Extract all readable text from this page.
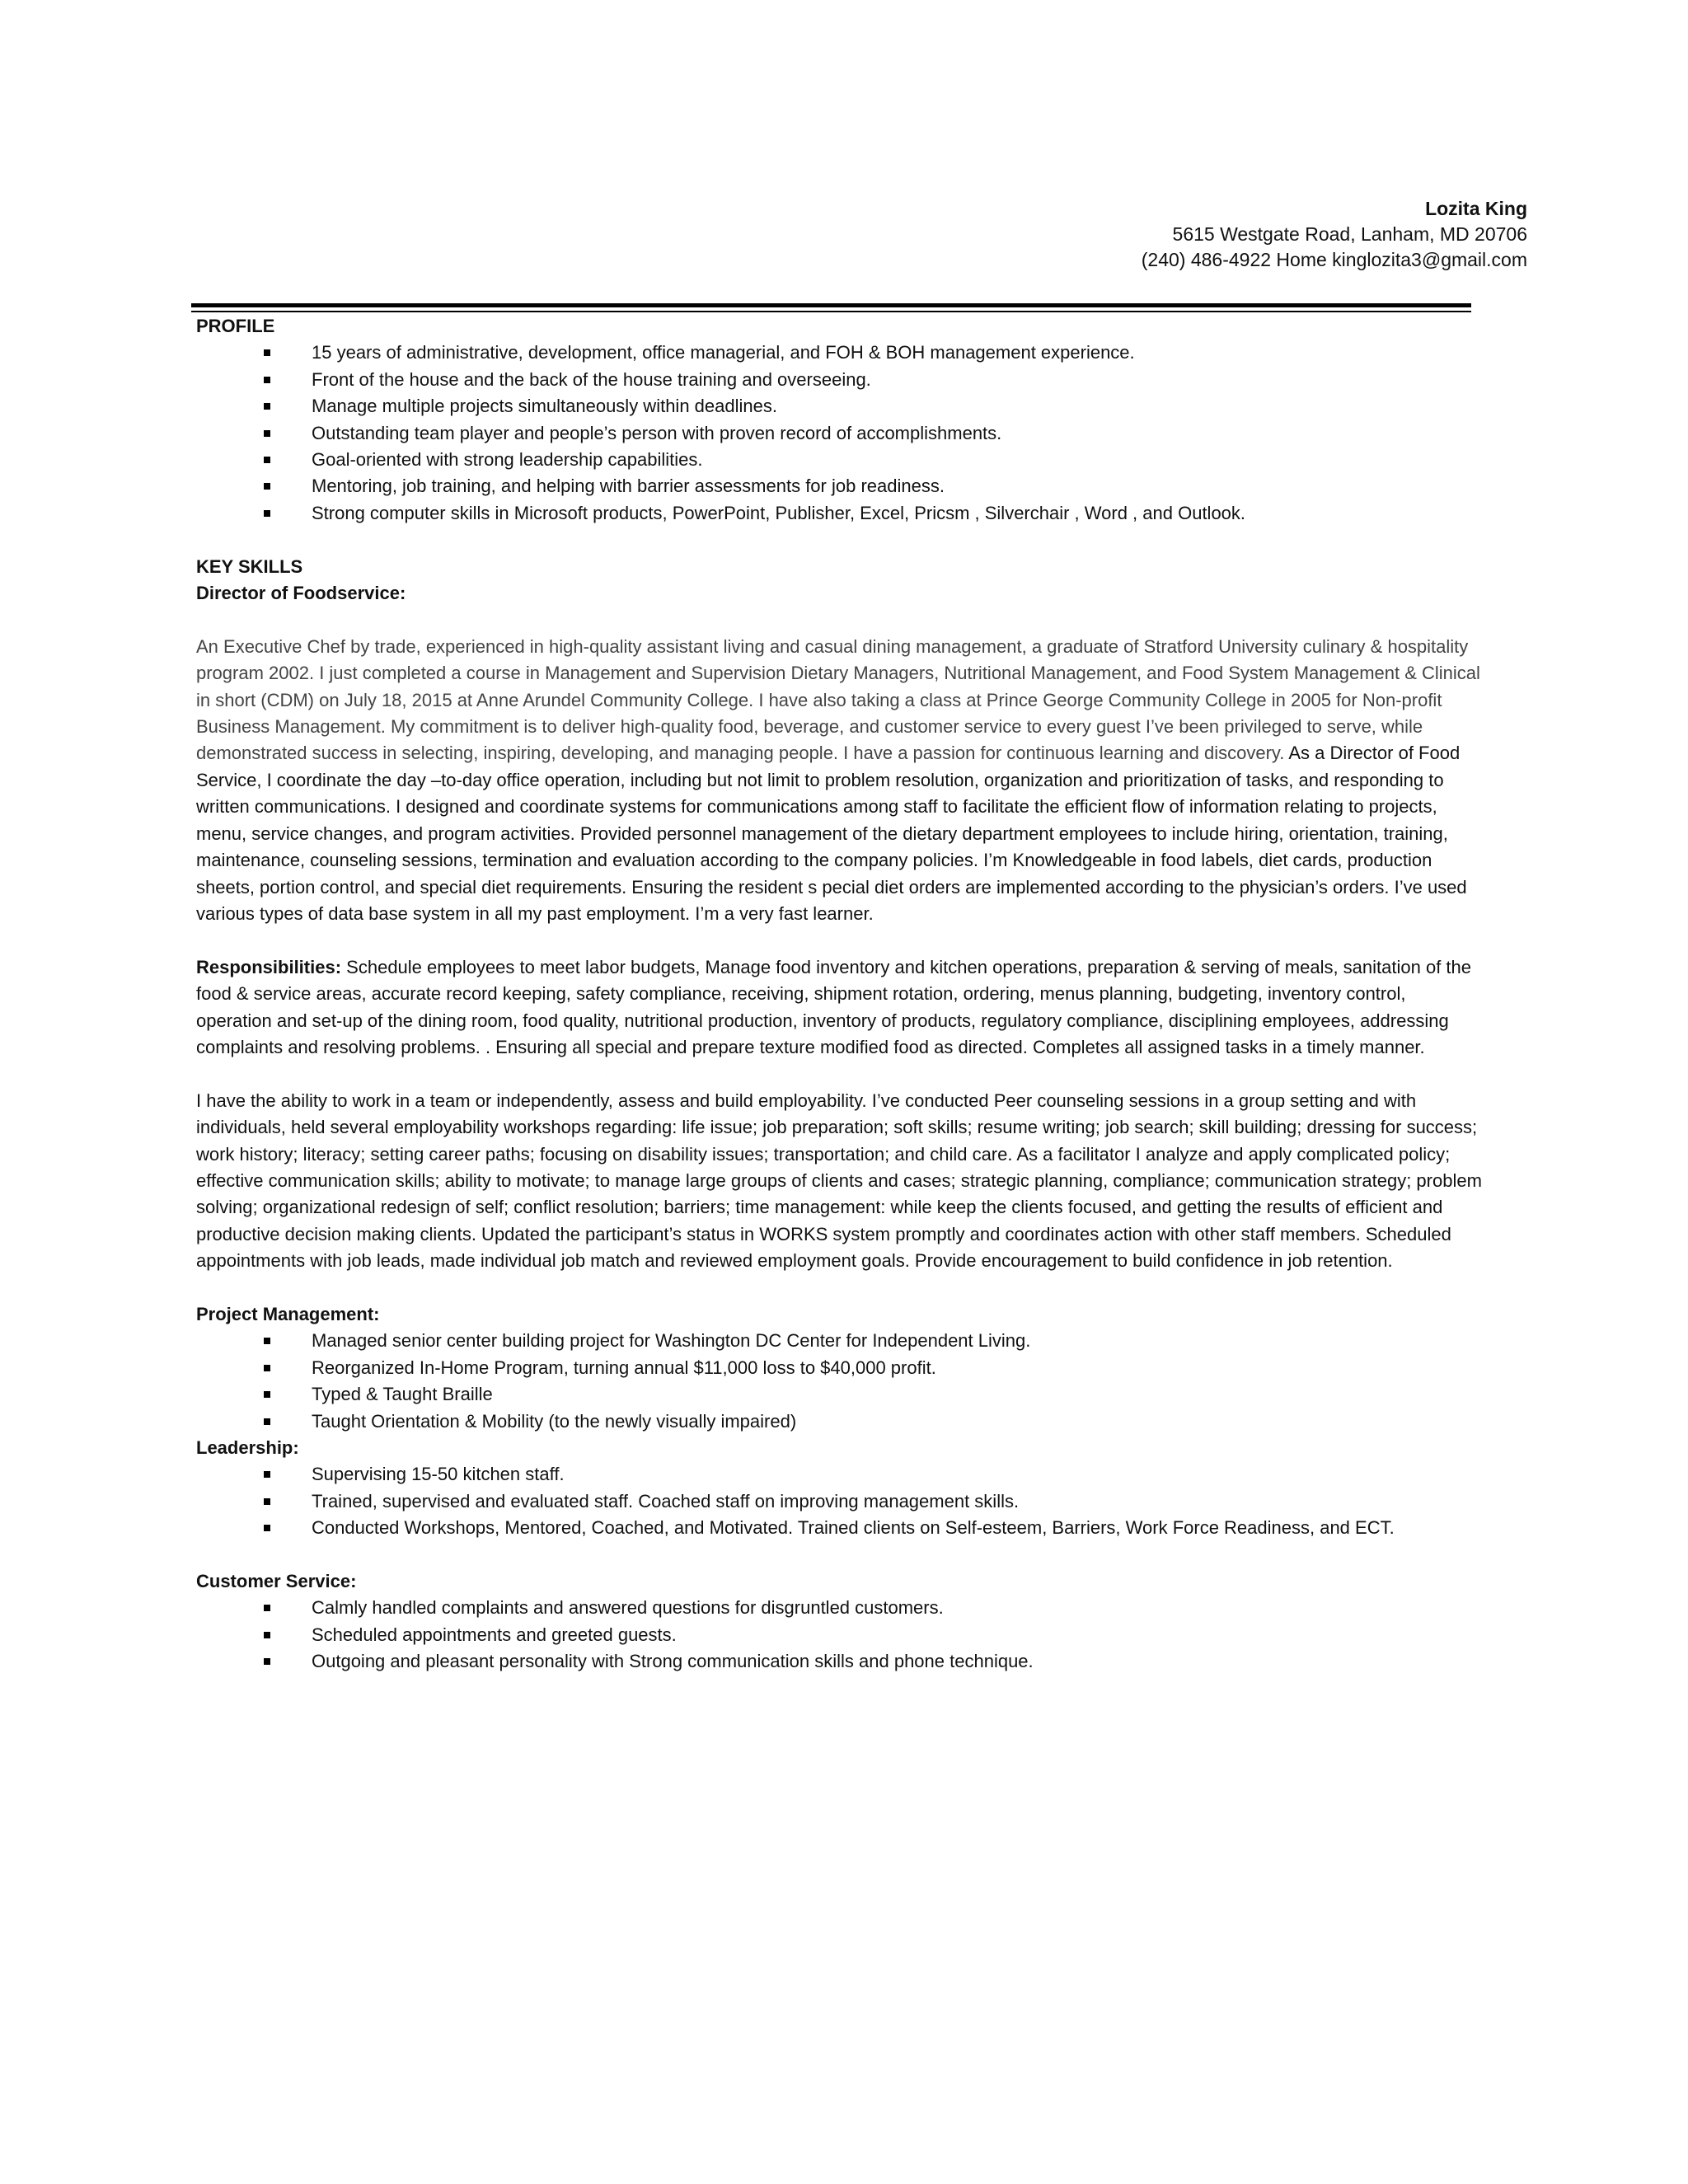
Lozita King
5615 Westgate Road, Lanham, MD 20706
(240) 486-4922 Home kinglozita3@gmail.com

PROFILE

15 years of administrative, development, office managerial, and FOH & BOH management experience.
Front of the house and the back of the house training and overseeing.
Manage multiple projects simultaneously within deadlines.
Outstanding team player and people’s person with proven record of accomplishments.
Goal-oriented with strong leadership capabilities.
Mentoring, job training, and helping with barrier assessments for job readiness.
Strong computer skills in Microsoft products, PowerPoint, Publisher, Excel, Pricsm , Silverchair , Word , and Outlook.

KEY SKILLS

Director of Foodservice:

An Executive Chef by trade, experienced in high-quality assistant living and casual dining management, a graduate of Stratford University culinary & hospitality program 2002. I just completed a course in Management and Supervision Dietary Managers, Nutritional Management, and Food System Management & Clinical in short (CDM) on July 18, 2015 at Anne Arundel Community College. I have also taking a class at Prince George Community College in 2005 for Non-profit Business Management. My commitment is to deliver high-quality food, beverage, and customer service to every guest I’ve been privileged to serve, while demonstrated success in selecting, inspiring, developing, and managing people. I have a passion for continuous learning and discovery. As a Director of Food Service, I coordinate the day –to-day office operation, including but not limit to problem resolution, organization and prioritization of tasks, and responding to written communications. I designed and coordinate systems for communications among staff to facilitate the efficient flow of information relating to projects, menu, service changes, and program activities. Provided personnel management of the dietary department employees to include hiring, orientation, training, maintenance, counseling sessions, termination and evaluation according to the company policies. I’m Knowledgeable in food labels, diet cards, production sheets, portion control, and special diet requirements. Ensuring the resident s pecial diet orders are implemented according to the physician’s orders. I’ve used various types of data base system in all my past employment. I’m a very fast learner.

Responsibilities: Schedule employees to meet labor budgets, Manage food inventory and kitchen operations, preparation & serving of meals, sanitation of the food & service areas, accurate record keeping, safety compliance, receiving, shipment rotation, ordering, menus planning, budgeting, inventory control, operation and set-up of the dining room, food quality, nutritional production, inventory of products, regulatory compliance, disciplining employees, addressing complaints and resolving problems. . Ensuring all special and prepare texture modified food as directed. Completes all assigned tasks in a timely manner.

I have the ability to work in a team or independently, assess and build employability. I’ve conducted Peer counseling sessions in a group setting and with individuals, held several employability workshops regarding: life issue; job preparation; soft skills; resume writing; job search; skill building; dressing for success; work history; literacy; setting career paths; focusing on disability issues; transportation; and child care. As a facilitator I analyze and apply complicated policy; effective communication skills; ability to motivate; to manage large groups of clients and cases; strategic planning, compliance; communication strategy; problem solving; organizational redesign of self; conflict resolution; barriers; time management: while keep the clients focused, and getting the results of efficient and productive decision making clients. Updated the participant’s status in WORKS system promptly and coordinates action with other staff members. Scheduled appointments with job leads, made individual job match and reviewed employment goals. Provide encouragement to build confidence in job retention.

Project Management:

Managed senior center building project for Washington DC Center for Independent Living.
Reorganized In-Home Program, turning annual $11,000 loss to $40,000 profit.
Typed & Taught Braille
Taught Orientation & Mobility (to the newly visually impaired)

Leadership:

Supervising 15-50 kitchen staff.
Trained, supervised and evaluated staff. Coached staff on improving management skills.
Conducted Workshops, Mentored, Coached, and Motivated. Trained clients on Self-esteem, Barriers, Work Force Readiness, and ECT.

Customer Service:

Calmly handled complaints and answered questions for disgruntled customers.
Scheduled appointments and greeted guests.
Outgoing and pleasant personality with Strong communication skills and phone technique.
